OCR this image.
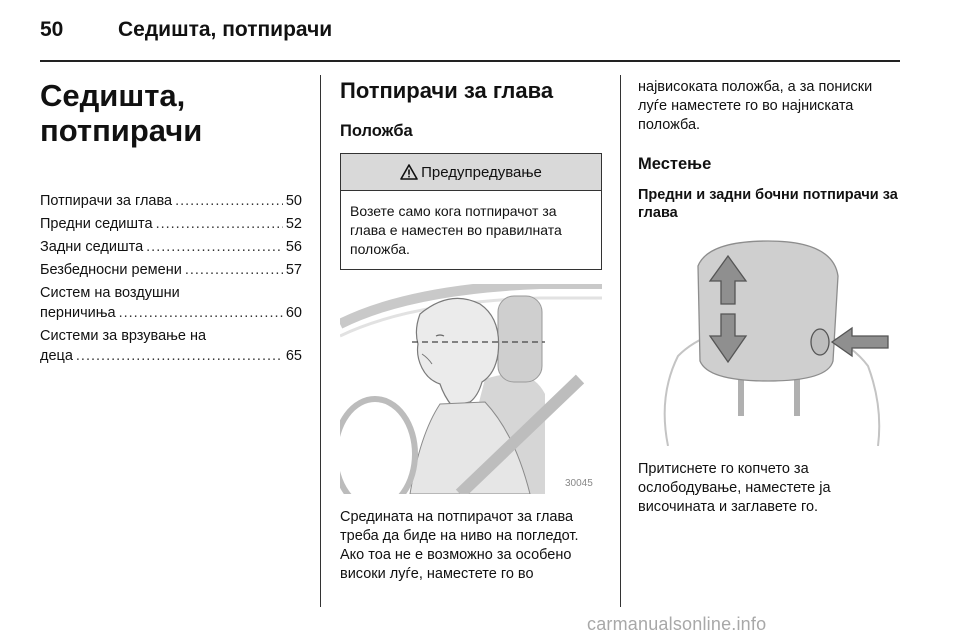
50	Седишта, потпирачи
Седишта, потпирачи
Потпирачи за глава .....	50
Предни седишта .....	52
Задни седишта .....	56
Безбедносни ремени .....	57
Систем на воздушни
перничиња .....	60
Системи за врзување на
деца .....	65
Потпирачи за глава
Положба
Предупредување
Возете само кога потпирачот за глава е наместен во правилната положба.
30045

Средината на потпирачот за глава треба да биде на ниво на погледот. Ако тоа не е возможно за особено високи луѓе, наместете го во

највисоката положба, а за пониски луѓе наместете го во најниската положба.

Местење
Предни и задни бочни потпирачи за глава

Притиснете го копчето за ослободување, наместете ја височината и заглавете го.

carmanualsonline.info
